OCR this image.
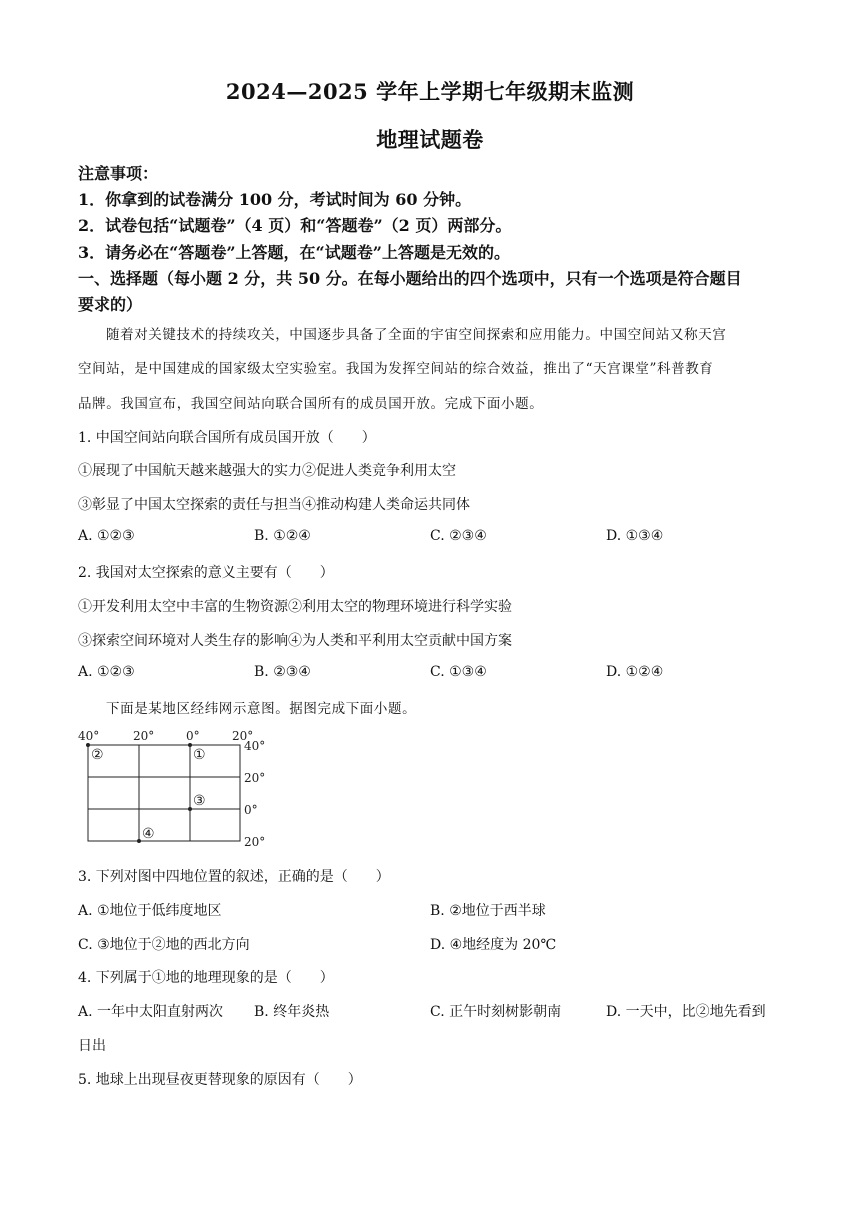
2024—2025 学年上学期七年级期末监测
地理试题卷
注意事项：
1．你拿到的试卷满分 100 分，考试时间为 60 分钟。
2．试卷包括“试题卷”（4 页）和“答题卷”（2 页）两部分。
3．请务必在“答题卷”上答题，在“试题卷”上答题是无效的。
一、选择题（每小题 2 分，共 50 分。在每小题给出的四个选项中，只有一个选项是符合题目
要求的）
随着对关键技术的持续攻关，中国逐步具备了全面的宇宙空间探索和应用能力。中国空间站又称天宫
空间站，是中国建成的国家级太空实验室。我国为发挥空间站的综合效益，推出了“天宫课堂”科普教育
品牌。我国宣布，我国空间站向联合国所有的成员国开放。完成下面小题。
1. 中国空间站向联合国所有成员国开放（　　）
①展现了中国航天越来越强大的实力②促进人类竞争利用太空
③彰显了中国太空探索的责任与担当④推动构建人类命运共同体
A. ①②③	B. ①②④	C. ②③④	D. ①③④
2. 我国对太空探索的意义主要有（　　）
①开发利用太空中丰富的生物资源②利用太空的物理环境进行科学实验
③探索空间环境对人类生存的影响④为人类和平利用太空贡献中国方案
A. ①②③	B. ②③④	C. ①③④	D. ①②④
下面是某地区经纬网示意图。据图完成下面小题。
40°	20°	0°	20°
40°
20°
0°
20°
①
②
③
④
3. 下列对图中四地位置的叙述，正确的是（　　）
A. ①地位于低纬度地区	B. ②地位于西半球
C. ③地位于②地的西北方向	D. ④地经度为 20℃
4. 下列属于①地的地理现象的是（　　）
A. 一年中太阳直射两次 B. 终年炎热	C. 正午时刻树影朝南	D. 一天中，比②地先看到
日出
5. 地球上出现昼夜更替现象的原因有（　　）
